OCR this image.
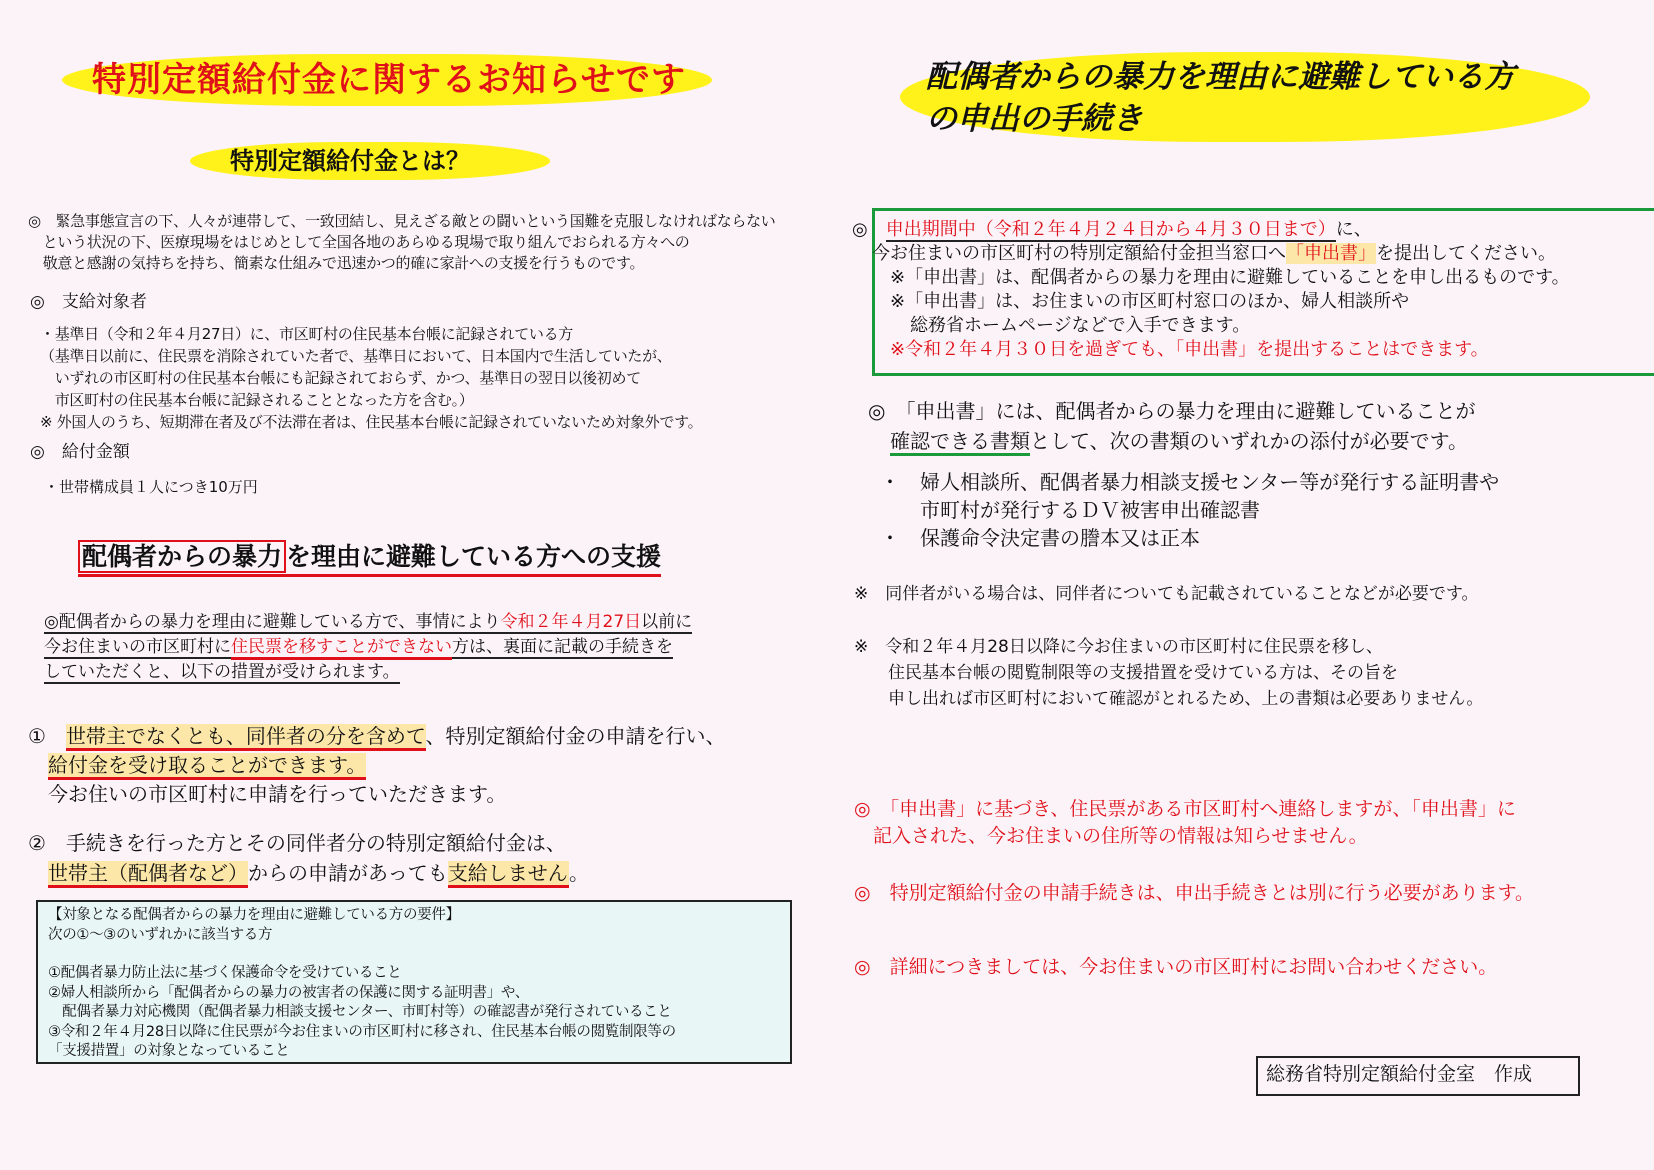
特別定額給付金に関するお知らせです
特別定額給付金とは？
◎　緊急事態宣言の下、人々が連帯して、一致団結し、見えざる敵との闘いという国難を克服しなければならない
　という状況の下、医療現場をはじめとして全国各地のあらゆる現場で取り組んでおられる方々への
　敬意と感謝の気持ちを持ち、簡素な仕組みで迅速かつ的確に家計への支援を行うものです。
◎　支給対象者
・基準日（令和２年４月27日）に、市区町村の住民基本台帳に記録されている方
（基準日以前に、住民票を消除されていた者で、基準日において、日本国内で生活していたが、
　いずれの市区町村の住民基本台帳にも記録されておらず、かつ、基準日の翌日以後初めて
　市区町村の住民基本台帳に記録されることとなった方を含む。）
※ 外国人のうち、短期滞在者及び不法滞在者は、住民基本台帳に記録されていないため対象外です。
◎　給付金額
・世帯構成員１人につき10万円
配偶者からの暴力 を理由に避難している方への支援
◎配偶者からの暴力を理由に避難している方で、事情により令和２年４月27日以前に
今お住まいの市区町村に住民票を移すことができない方は、裏面に記載の手続きを
していただくと、以下の措置が受けられます。
①　 世帯主でなくとも、同伴者の分を含めて、特別定額給付金の申請を行い、
給付金を受け取ることができます。
今お住いの市区町村に申請を行っていただきます。
②　 手続きを行った方とその同伴者分の特別定額給付金は、
世帯主（配偶者など）からの申請があっても支給しません。
【対象となる配偶者からの暴力を理由に避難している方の要件】
次の①～③のいずれかに該当する方
①配偶者暴力防止法に基づく保護命令を受けていること
②婦人相談所から「配偶者からの暴力の被害者の保護に関する証明書」や、
　配偶者暴力対応機関（配偶者暴力相談支援センター、市町村等）の確認書が発行されていること
③令和２年４月28日以降に住民票が今お住まいの市区町村に移され、住民基本台帳の閲覧制限等の
「支援措置」の対象となっていること
配偶者からの暴力を理由に避難している方
の申出の手続き
◎　 申出期間中（令和２年４月２４日から４月３０日まで）に、
今お住まいの市区町村の特別定額給付金担当窓口へ「申出書」を提出してください。
※「申出書」は、配偶者からの暴力を理由に避難していることを申し出るものです。
※「申出書」は、お住まいの市区町村窓口のほか、婦人相談所や
総務省ホームページなどで入手できます。
※令和２年４月３０日を過ぎても、「申出書」を提出することはできます。
◎　「申出書」には、配偶者からの暴力を理由に避難していることが
確認できる書類として、次の書類のいずれかの添付が必要です。
・　婦人相談所、配偶者暴力相談支援センター等が発行する証明書や
　　市町村が発行するＤＶ被害申出確認書
・　保護命令決定書の謄本又は正本
※　同伴者がいる場合は、同伴者についても記載されていることなどが必要です。
※　令和２年４月28日以降に今お住まいの市区町村に住民票を移し、
　　住民基本台帳の閲覧制限等の支援措置を受けている方は、その旨を
　　申し出れば市区町村において確認がとれるため、上の書類は必要ありません。
◎　「申出書」に基づき、住民票がある市区町村へ連絡しますが、「申出書」に
　記入された、今お住まいの住所等の情報は知らせません。
◎　特別定額給付金の申請手続きは、申出手続きとは別に行う必要があります。
◎　詳細につきましては、今お住まいの市区町村にお問い合わせください。
総務省特別定額給付金室　作成
